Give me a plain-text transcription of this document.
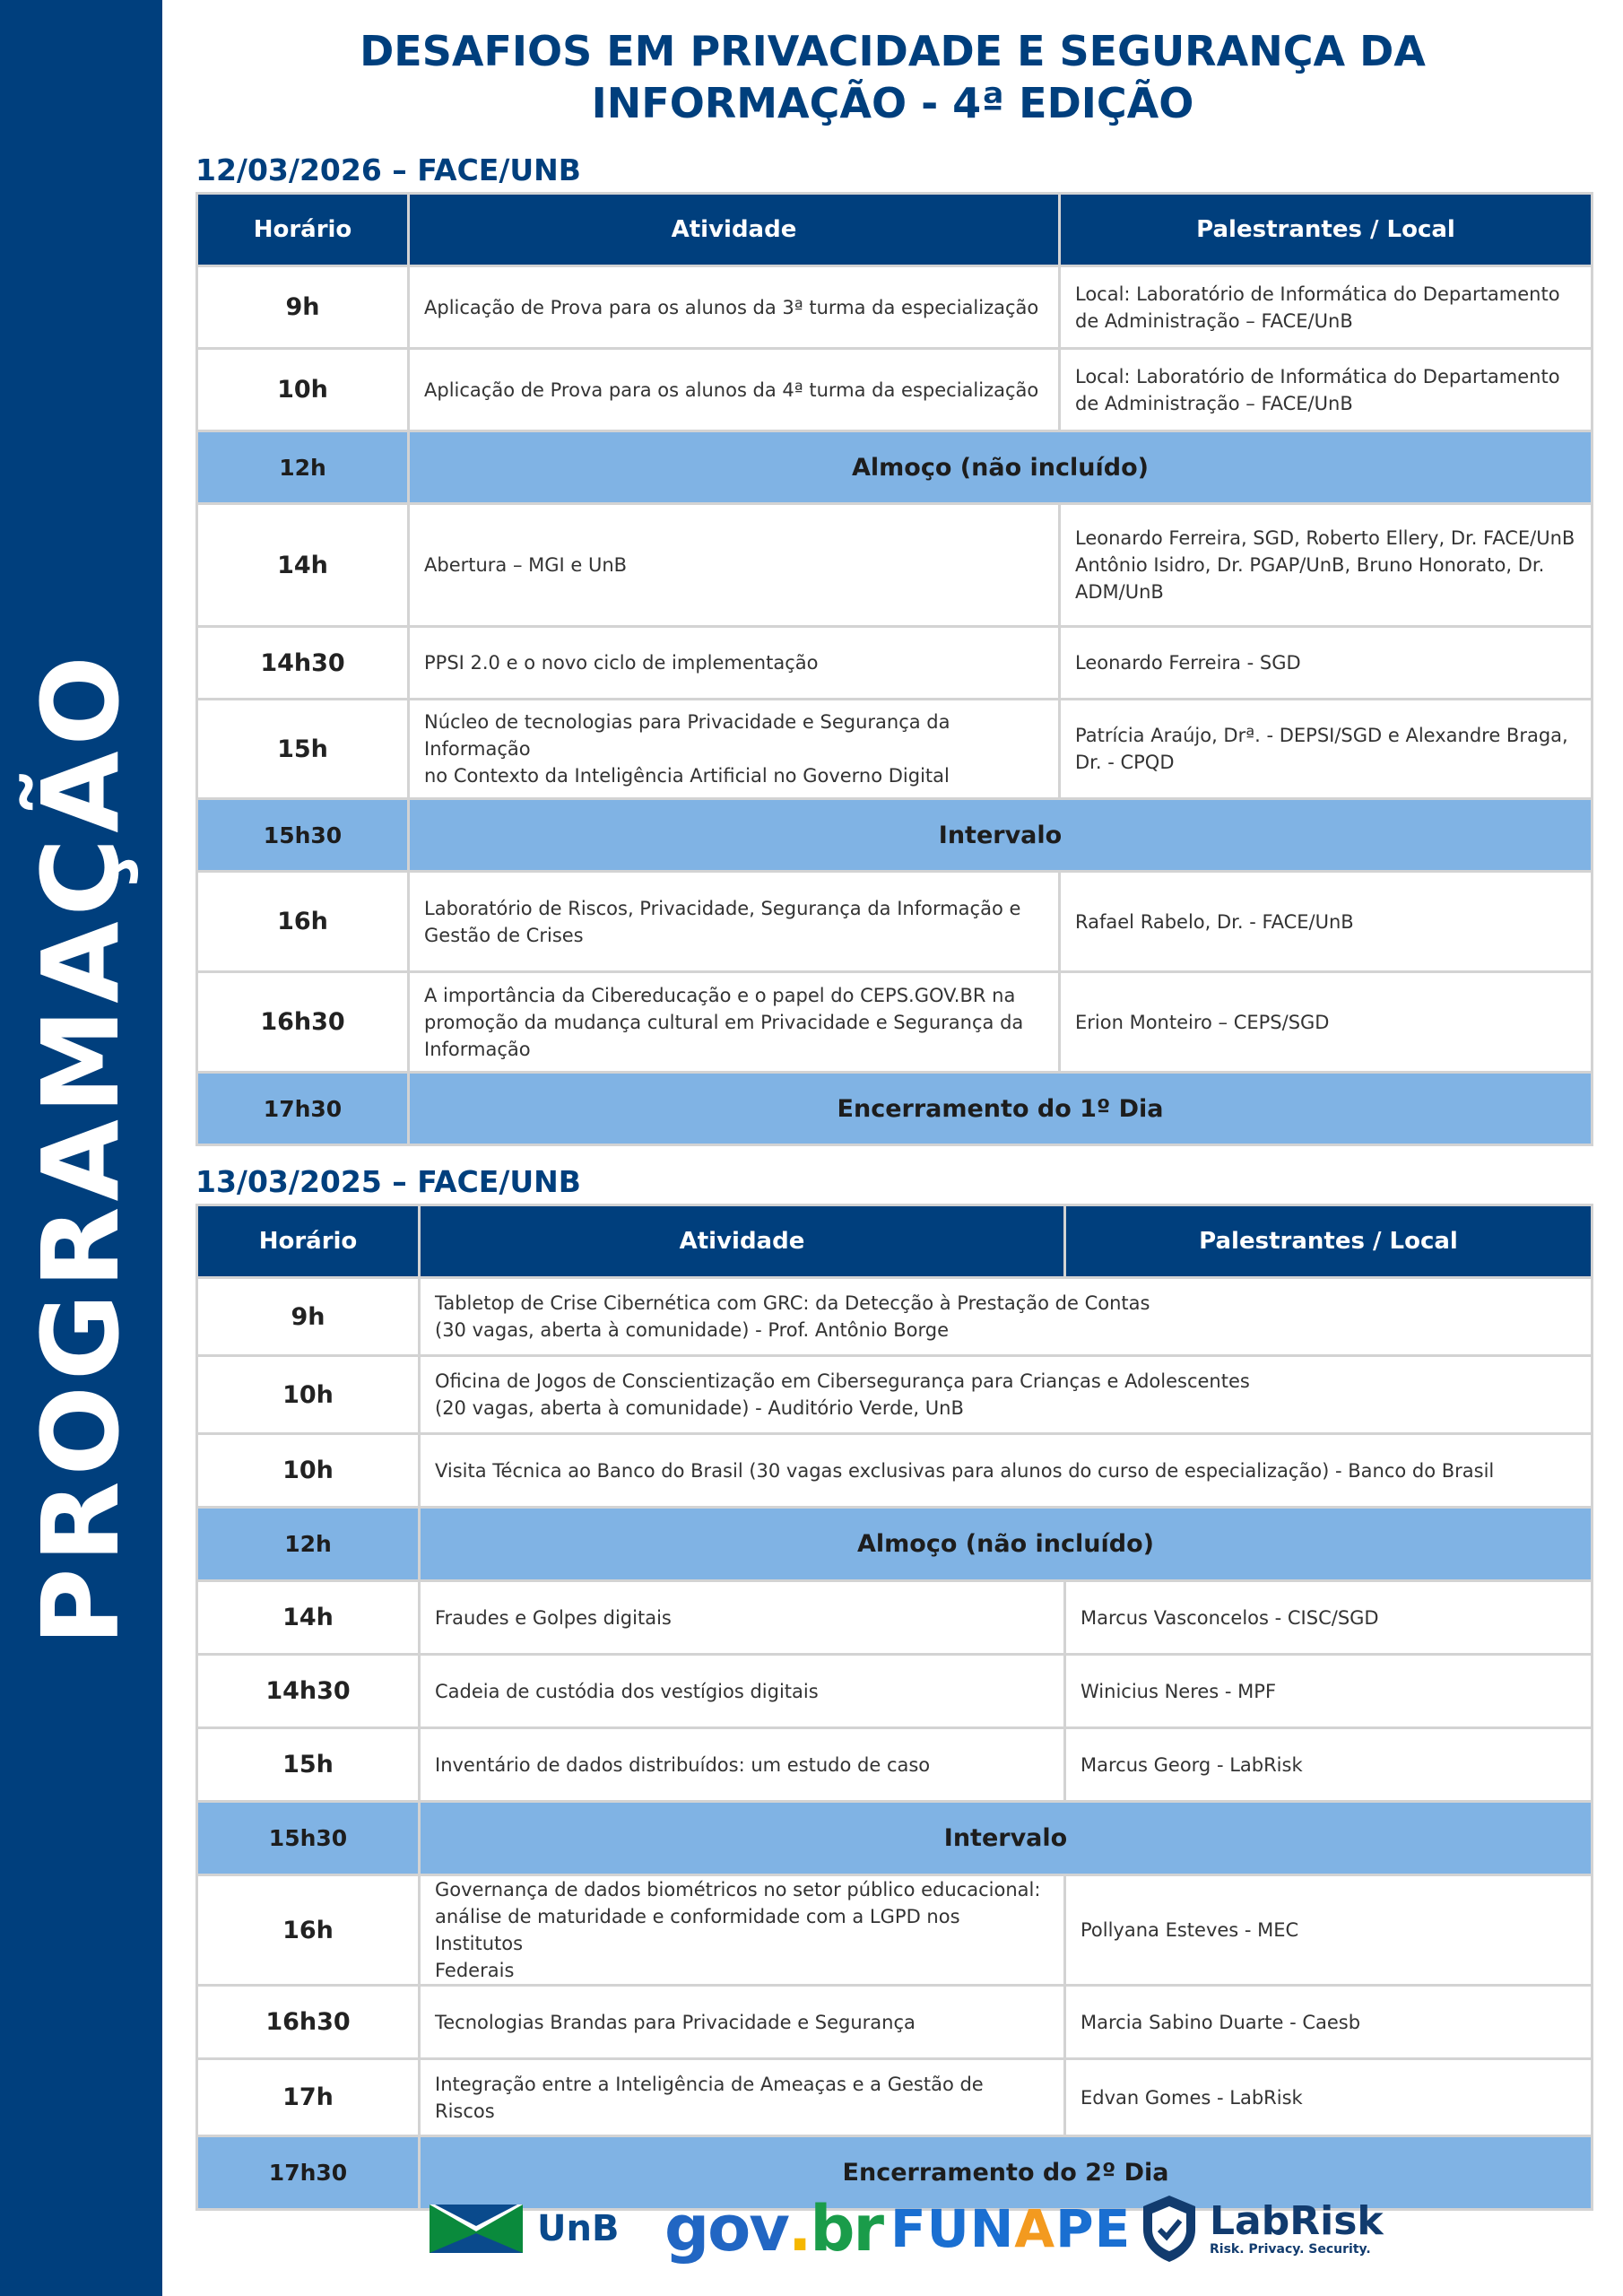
PROGRAMAÇÃO
DESAFIOS EM PRIVACIDADE E SEGURANÇA DA
INFORMAÇÃO - 4ª EDIÇÃO
12/03/2026 – FACE/UNB
Horário	Atividade	Palestrantes / Local
9h	Aplicação de Prova para os alunos da 3ª turma da especialização	Local: Laboratório de Informática do Departamento
de Administração – FACE/UnB

10h	Aplicação de Prova para os alunos da 4ª turma da especialização	Local: Laboratório de Informática do Departamento
de Administração – FACE/UnB

12h	Almoço (não incluído)	
14h	Abertura – MGI e UnB	Leonardo Ferreira, SGD, Roberto Ellery, Dr. FACE/UnB
Antônio Isidro, Dr. PGAP/UnB, Bruno Honorato, Dr.
ADM/UnB

14h30	PPSI 2.0 e o novo ciclo de implementação	Leonardo Ferreira - SGD

15h	Núcleo de tecnologias para Privacidade e Segurança da Informação
no Contexto da Inteligência Artificial no Governo Digital	Patrícia Araújo, Drª. - DEPSI/SGD e Alexandre Braga,
Dr. - CPQD

15h30	Intervalo	
16h	Laboratório de Riscos, Privacidade, Segurança da Informação e
Gestão de Crises	Rafael Rabelo, Dr. - FACE/UnB

16h30	A importância da Cibereducação e o papel do CEPS.GOV.BR na
promoção da mudança cultural em Privacidade e Segurança da
Informação	Erion Monteiro – CEPS/SGD

17h30	Encerramento do 1º Dia	
13/03/2025 – FACE/UNB
Horário	Atividade	Palestrantes / Local
9h	Tabletop de Crise Cibernética com GRC: da Detecção à Prestação de Contas
(30 vagas, aberta à comunidade) - Prof. Antônio Borge	

10h	Oficina de Jogos de Conscientização em Cibersegurança para Crianças e Adolescentes
(20 vagas, aberta à comunidade) - Auditório Verde, UnB	

10h	Visita Técnica ao Banco do Brasil (30 vagas exclusivas para alunos do curso de especialização) - Banco do Brasil	

12h	Almoço (não incluído)	
14h	Fraudes e Golpes digitais	Marcus Vasconcelos - CISC/SGD

14h30	Cadeia de custódia dos vestígios digitais	Winicius Neres - MPF

15h	Inventário de dados distribuídos: um estudo de caso	Marcus Georg - LabRisk

15h30	Intervalo	
16h	Governança de dados biométricos no setor público educacional:
análise de maturidade e conformidade com a LGPD nos Institutos
Federais	Pollyana Esteves - MEC

16h30	Tecnologias Brandas para Privacidade e Segurança	Marcia Sabino Duarte - Caesb

17h	Integração entre a Inteligência de Ameaças e a Gestão de Riscos	Edvan Gomes - LabRisk

17h30	Encerramento do 2º Dia	
UnB gov . br FUNAPE LabRisk
Risk. Privacy. Security.
